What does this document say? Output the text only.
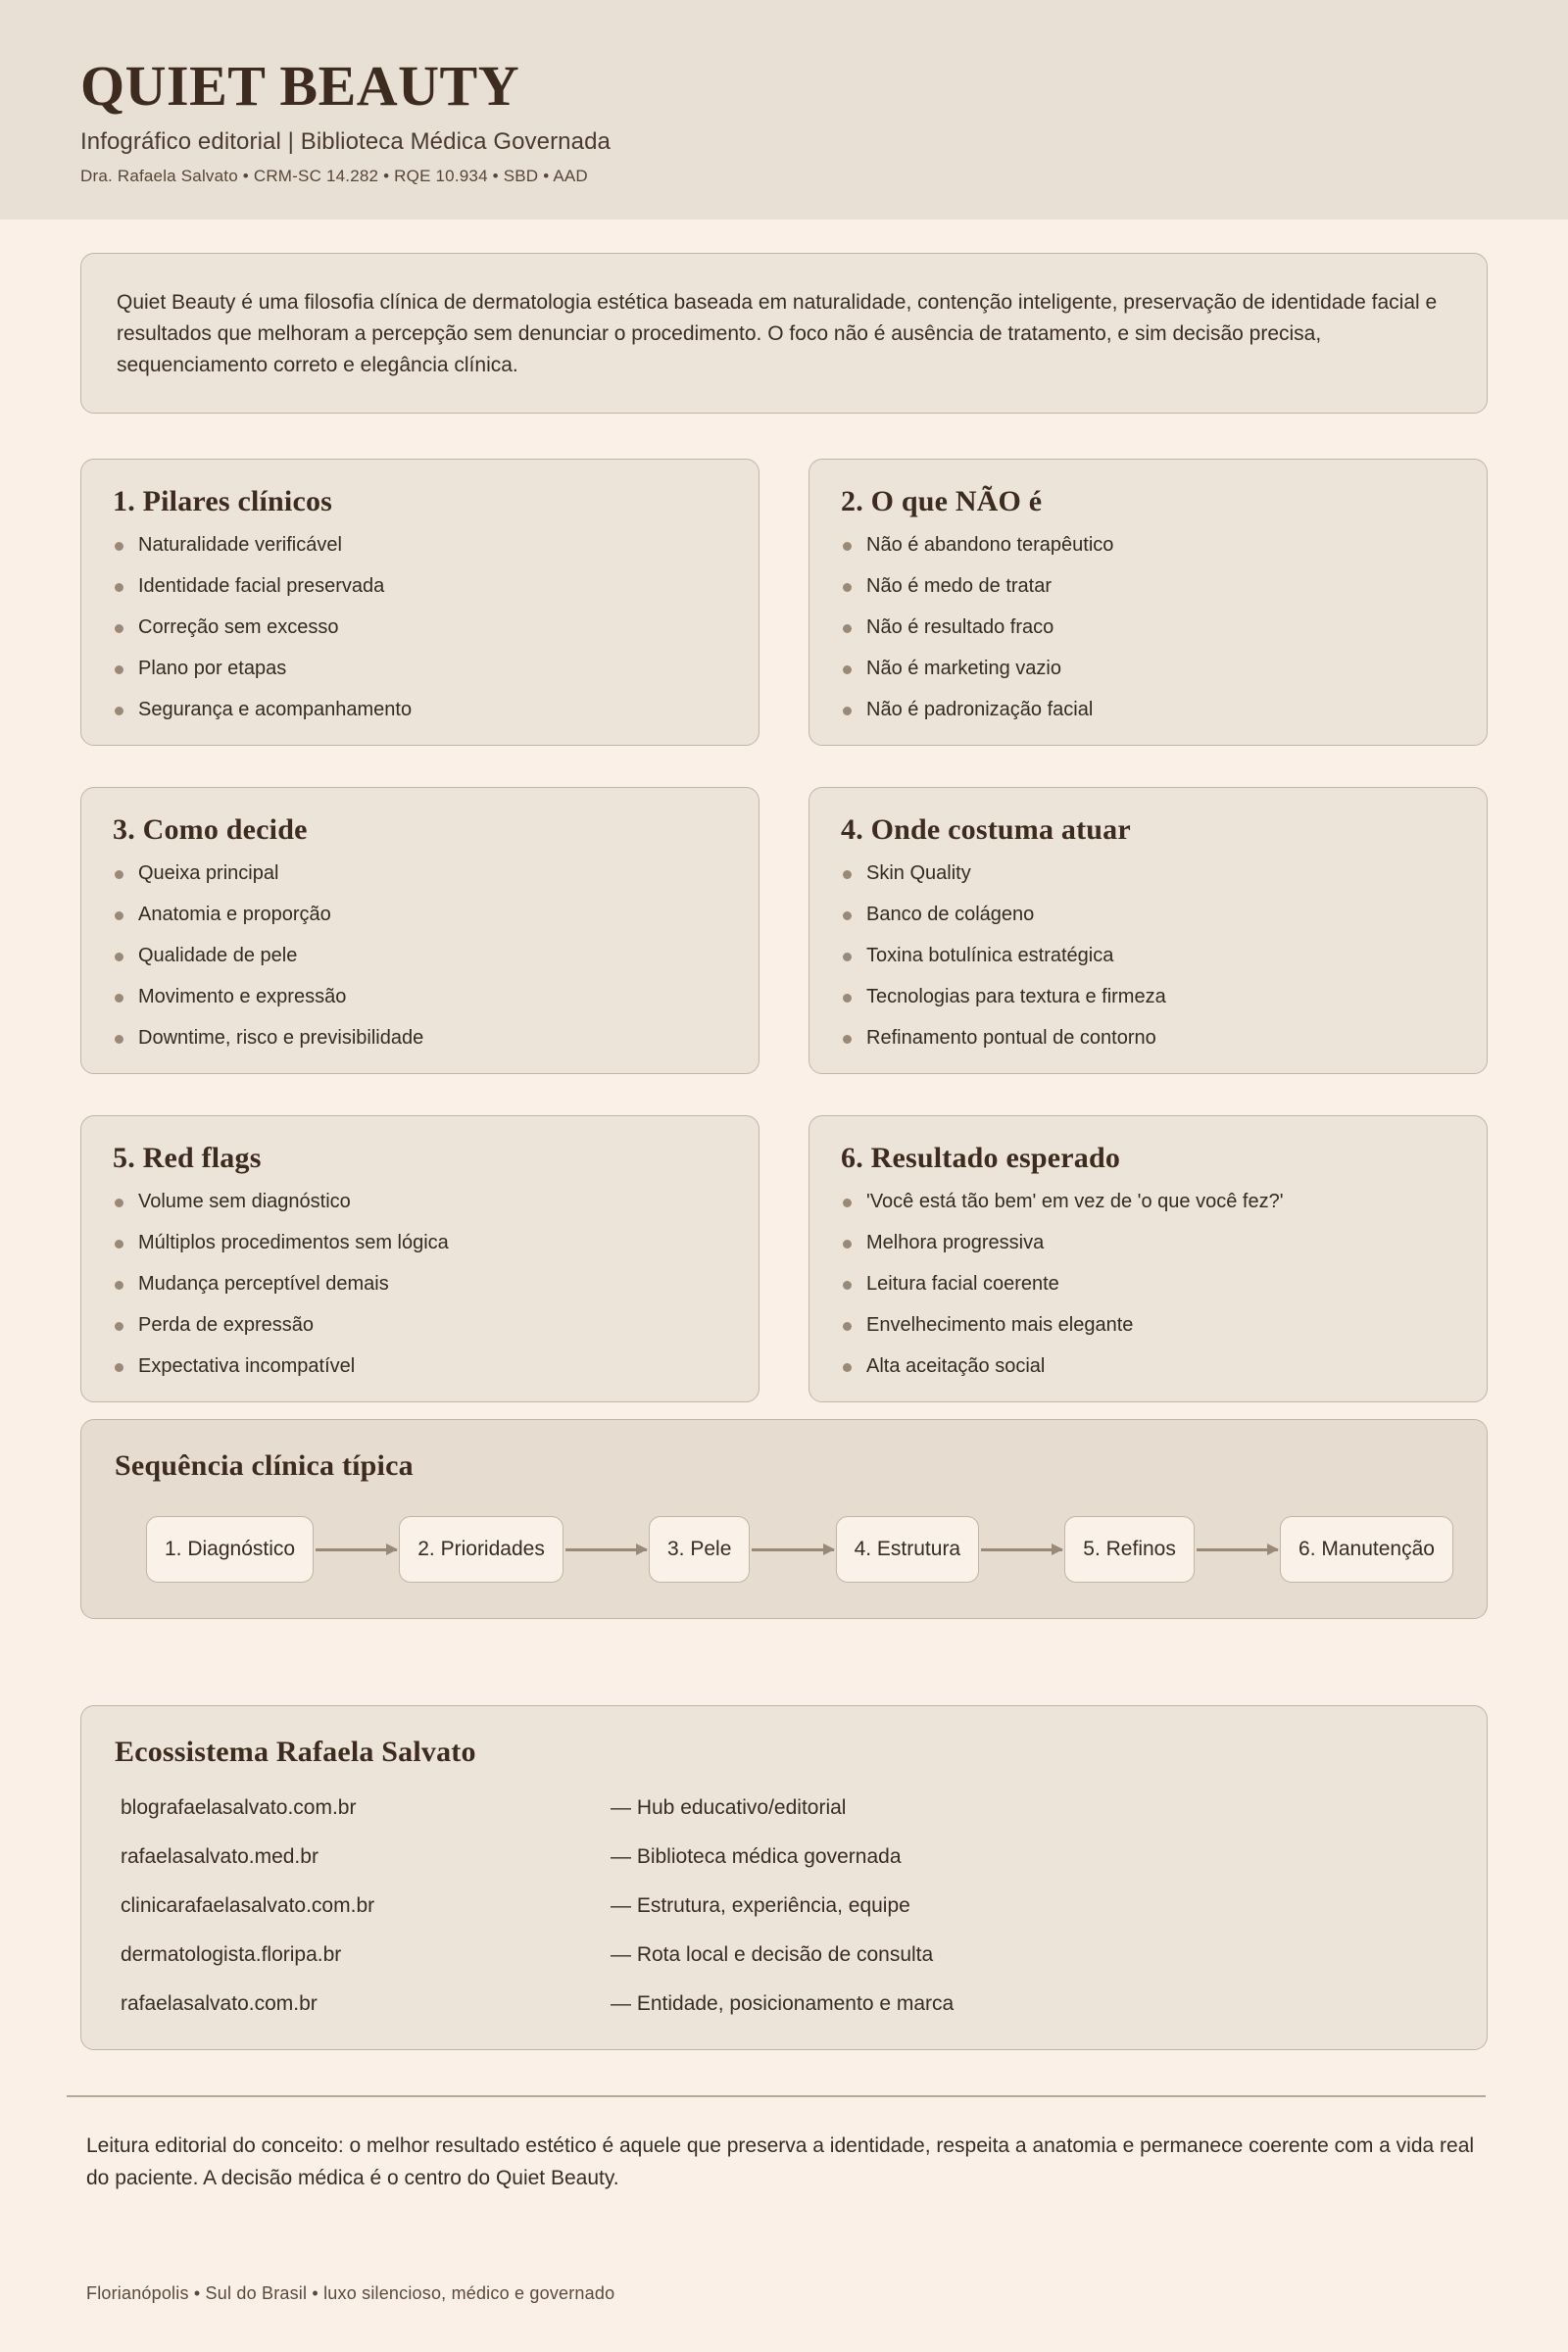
QUIET BEAUTY
Infográfico editorial | Biblioteca Médica Governada
Dra. Rafaela Salvato • CRM-SC 14.282 • RQE 10.934 • SBD • AAD

Quiet Beauty é uma filosofia clínica de dermatologia estética baseada em naturalidade, contenção inteligente, preservação de identidade facial e resultados que melhoram a percepção sem denunciar o procedimento. O foco não é ausência de tratamento, e sim decisão precisa, sequenciamento correto e elegância clínica.

1. Pilares clínicos
Naturalidade verificável
Identidade facial preservada
Correção sem excesso
Plano por etapas
Segurança e acompanhamento
2. O que NÃO é
Não é abandono terapêutico
Não é medo de tratar
Não é resultado fraco
Não é marketing vazio
Não é padronização facial
3. Como decide
Queixa principal
Anatomia e proporção
Qualidade de pele
Movimento e expressão
Downtime, risco e previsibilidade
4. Onde costuma atuar
Skin Quality
Banco de colágeno
Toxina botulínica estratégica
Tecnologias para textura e firmeza
Refinamento pontual de contorno
5. Red flags
Volume sem diagnóstico
Múltiplos procedimentos sem lógica
Mudança perceptível demais
Perda de expressão
Expectativa incompatível
6. Resultado esperado
'Você está tão bem' em vez de 'o que você fez?'
Melhora progressiva
Leitura facial coerente
Envelhecimento mais elegante
Alta aceitação social
Sequência clínica típica
1. Diagnóstico	2. Prioridades	3. Pele	4. Estrutura	5. Refinos	6. Manutenção
Ecossistema Rafaela Salvato
blografaelasalvato.com.br	— Hub educativo/editorial
rafaelasalvato.med.br	— Biblioteca médica governada
clinicarafaelasalvato.com.br	— Estrutura, experiência, equipe
dermatologista.floripa.br	— Rota local e decisão de consulta
rafaelasalvato.com.br	— Entidade, posicionamento e marca

Leitura editorial do conceito: o melhor resultado estético é aquele que preserva a identidade, respeita a anatomia e permanece coerente com a vida real do paciente. A decisão médica é o centro do Quiet Beauty.

Florianópolis • Sul do Brasil • luxo silencioso, médico e governado
